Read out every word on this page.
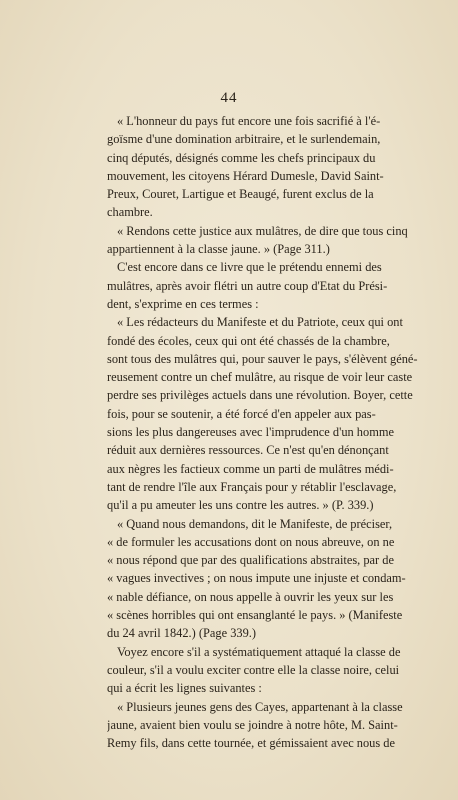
44

« L'honneur du pays fut encore une fois sacrifié à l'é-

goïsme d'une domination arbitraire, et le surlendemain,

cinq députés, désignés comme les chefs principaux du

mouvement, les citoyens Hérard Dumesle, David Saint-

Preux, Couret, Lartigue et Beaugé, furent exclus de la

chambre.

« Rendons cette justice aux mulâtres, de dire que tous cinq

appartiennent à la classe jaune. » (Page 311.)

C'est encore dans ce livre que le prétendu ennemi des

mulâtres, après avoir flétri un autre coup d'Etat du Prési-

dent, s'exprime en ces termes :

« Les rédacteurs du Manifeste et du Patriote, ceux qui ont

fondé des écoles, ceux qui ont été chassés de la chambre,

sont tous des mulâtres qui, pour sauver le pays, s'élèvent géné-

reusement contre un chef mulâtre, au risque de voir leur caste

perdre ses privilèges actuels dans une révolution. Boyer, cette

fois, pour se soutenir, a été forcé d'en appeler aux pas-

sions les plus dangereuses avec l'imprudence d'un homme

réduit aux dernières ressources. Ce n'est qu'en dénonçant

aux nègres les factieux comme un parti de mulâtres médi-

tant de rendre l'île aux Français pour y rétablir l'esclavage,

qu'il a pu ameuter les uns contre les autres. » (P. 339.)

« Quand nous demandons, dit le Manifeste, de préciser,

« de formuler les accusations dont on nous abreuve, on ne

« nous répond que par des qualifications abstraites, par de

« vagues invectives ; on nous impute une injuste et condam-

« nable défiance, on nous appelle à ouvrir les yeux sur les

« scènes horribles qui ont ensanglanté le pays. » (Manifeste

du 24 avril 1842.) (Page 339.)

Voyez encore s'il a systématiquement attaqué la classe de

couleur, s'il a voulu exciter contre elle la classe noire, celui

qui a écrit les lignes suivantes :

« Plusieurs jeunes gens des Cayes, appartenant à la classe

jaune, avaient bien voulu se joindre à notre hôte, M. Saint-

Remy fils, dans cette tournée, et gémissaient avec nous de
